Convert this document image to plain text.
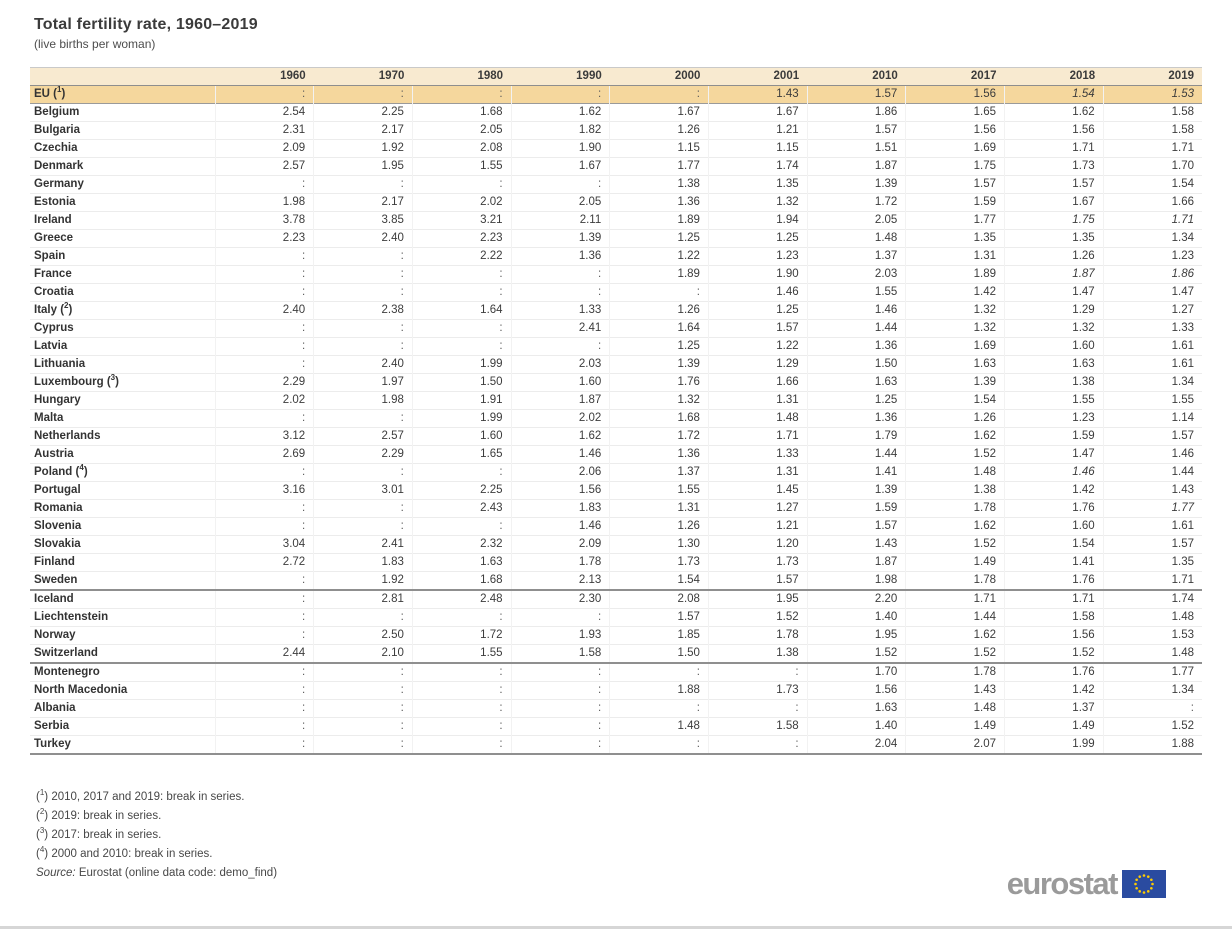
Total fertility rate, 1960–2019
(live births per woman)
	1960	1970	1980	1990	2000	2001	2010	2017	2018	2019
EU ($^1$)	:	:	:	:	:	1.43	1.57	1.56	1.54	1.53
Belgium	2.54	2.25	1.68	1.62	1.67	1.67	1.86	1.65	1.62	1.58
Bulgaria	2.31	2.17	2.05	1.82	1.26	1.21	1.57	1.56	1.56	1.58
Czechia	2.09	1.92	2.08	1.90	1.15	1.15	1.51	1.69	1.71	1.71
Denmark	2.57	1.95	1.55	1.67	1.77	1.74	1.87	1.75	1.73	1.70
Germany	:	:	:	:	1.38	1.35	1.39	1.57	1.57	1.54
Estonia	1.98	2.17	2.02	2.05	1.36	1.32	1.72	1.59	1.67	1.66
Ireland	3.78	3.85	3.21	2.11	1.89	1.94	2.05	1.77	1.75	1.71
Greece	2.23	2.40	2.23	1.39	1.25	1.25	1.48	1.35	1.35	1.34
Spain	:	:	2.22	1.36	1.22	1.23	1.37	1.31	1.26	1.23
France	:	:	:	:	1.89	1.90	2.03	1.89	1.87	1.86
Croatia	:	:	:	:	:	1.46	1.55	1.42	1.47	1.47
Italy ($^2$)	2.40	2.38	1.64	1.33	1.26	1.25	1.46	1.32	1.29	1.27
Cyprus	:	:	:	2.41	1.64	1.57	1.44	1.32	1.32	1.33
Latvia	:	:	:	:	1.25	1.22	1.36	1.69	1.60	1.61
Lithuania	:	2.40	1.99	2.03	1.39	1.29	1.50	1.63	1.63	1.61
Luxembourg ($^3$)	2.29	1.97	1.50	1.60	1.76	1.66	1.63	1.39	1.38	1.34
Hungary	2.02	1.98	1.91	1.87	1.32	1.31	1.25	1.54	1.55	1.55
Malta	:	:	1.99	2.02	1.68	1.48	1.36	1.26	1.23	1.14
Netherlands	3.12	2.57	1.60	1.62	1.72	1.71	1.79	1.62	1.59	1.57
Austria	2.69	2.29	1.65	1.46	1.36	1.33	1.44	1.52	1.47	1.46
Poland ($^4$)	:	:	:	2.06	1.37	1.31	1.41	1.48	1.46	1.44
Portugal	3.16	3.01	2.25	1.56	1.55	1.45	1.39	1.38	1.42	1.43
Romania	:	:	2.43	1.83	1.31	1.27	1.59	1.78	1.76	1.77
Slovenia	:	:	:	1.46	1.26	1.21	1.57	1.62	1.60	1.61
Slovakia	3.04	2.41	2.32	2.09	1.30	1.20	1.43	1.52	1.54	1.57
Finland	2.72	1.83	1.63	1.78	1.73	1.73	1.87	1.49	1.41	1.35
Sweden	:	1.92	1.68	2.13	1.54	1.57	1.98	1.78	1.76	1.71
Iceland	:	2.81	2.48	2.30	2.08	1.95	2.20	1.71	1.71	1.74
Liechtenstein	:	:	:	:	1.57	1.52	1.40	1.44	1.58	1.48
Norway	:	2.50	1.72	1.93	1.85	1.78	1.95	1.62	1.56	1.53
Switzerland	2.44	2.10	1.55	1.58	1.50	1.38	1.52	1.52	1.52	1.48
Montenegro	:	:	:	:	:	:	1.70	1.78	1.76	1.77
North Macedonia	:	:	:	:	1.88	1.73	1.56	1.43	1.42	1.34
Albania	:	:	:	:	:	:	1.63	1.48	1.37	:
Serbia	:	:	:	:	1.48	1.58	1.40	1.49	1.49	1.52
Turkey	:	:	:	:	:	:	2.04	2.07	1.99	1.88
($^1$) 2010, 2017 and 2019: break in series.
($^2$) 2019: break in series.
($^3$) 2017: break in series.
($^4$) 2000 and 2010: break in series.
Source: Eurostat (online data code: demo_find)	eurostat
